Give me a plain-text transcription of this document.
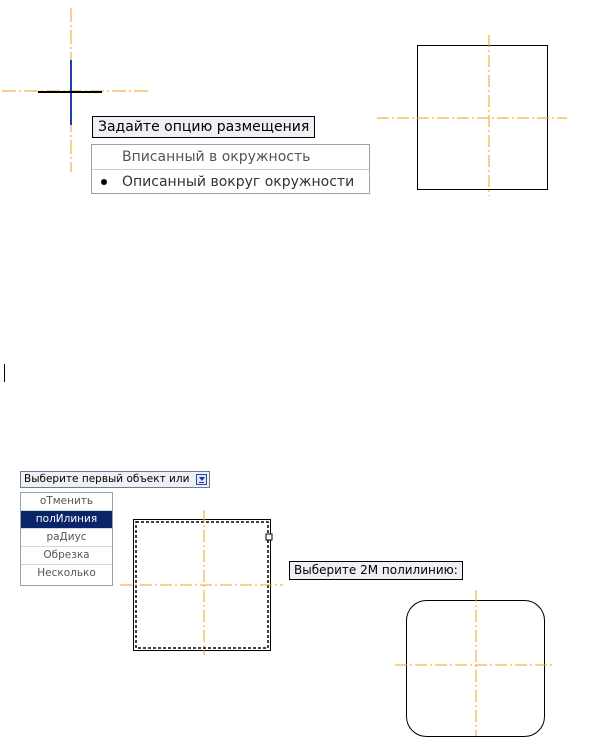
Задайте опцию размещения
Вписанный в окружность
Описанный вокруг окружности
Выберите первый объект или
оТменить
полИлиния
раДиус
Обрезка
Несколько	Выберите 2М полилинию:
